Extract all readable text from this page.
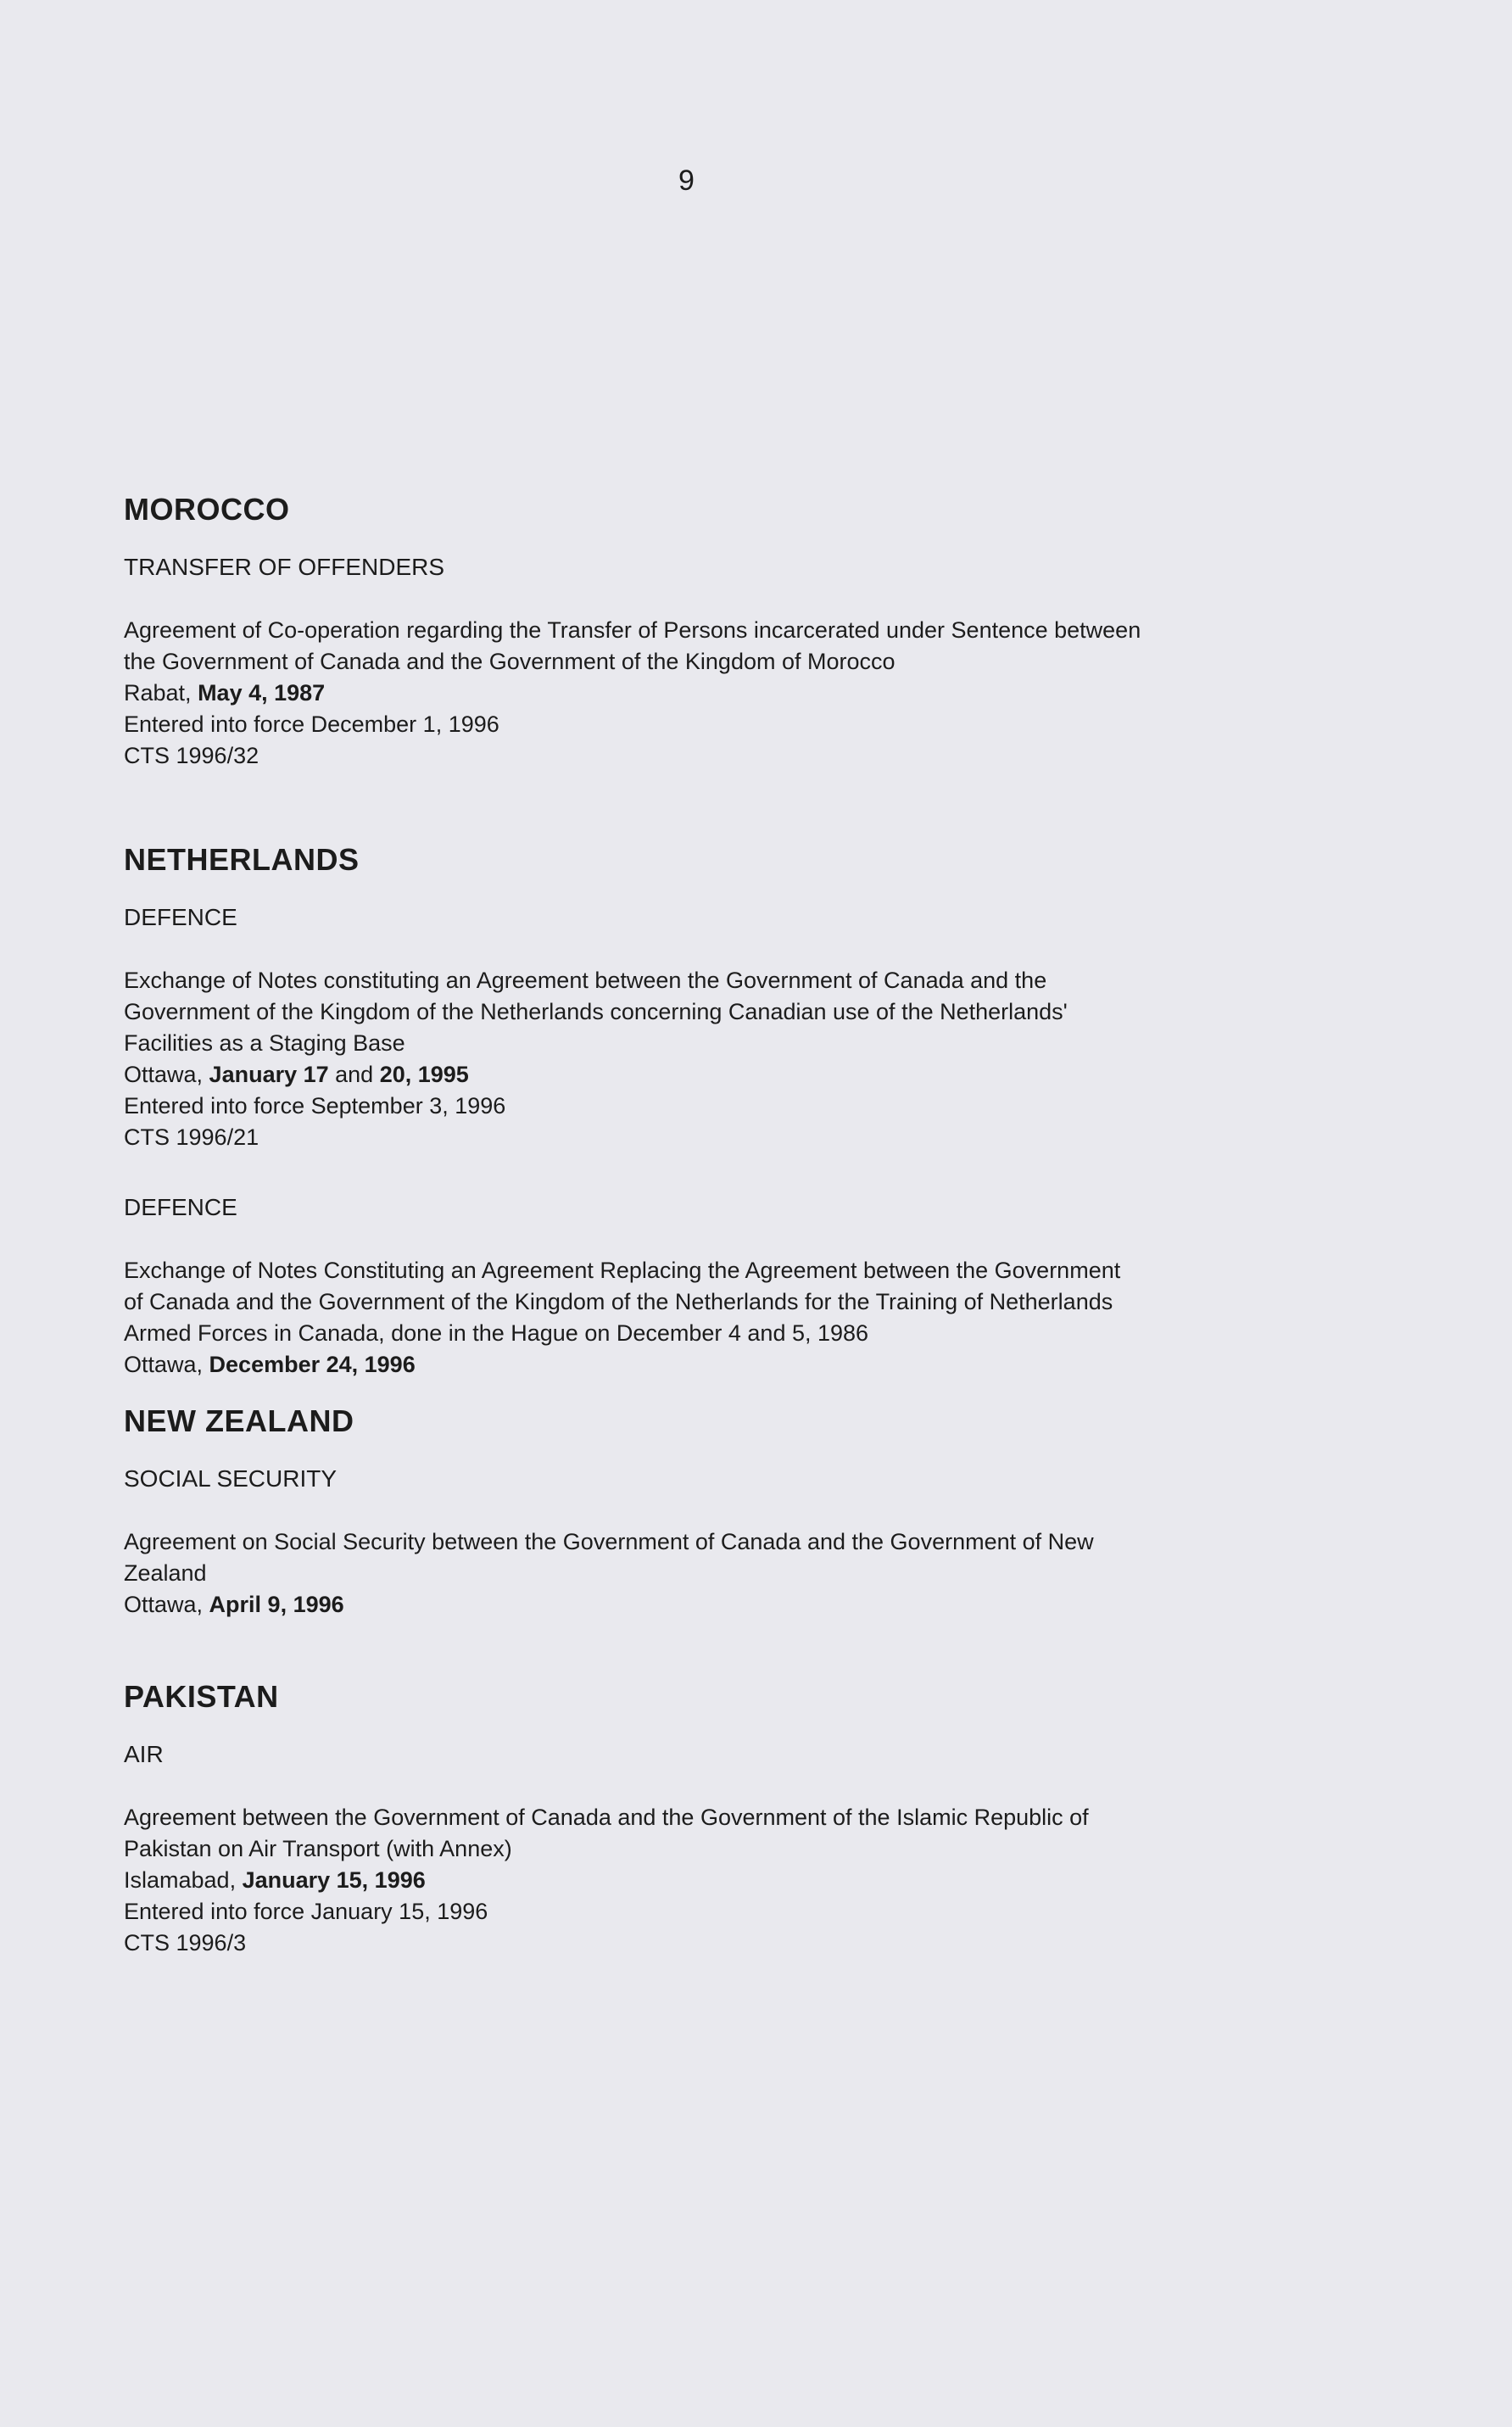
9
MOROCCO
TRANSFER OF OFFENDERS
Agreement of Co-operation regarding the Transfer of Persons incarcerated under Sentence between
the Government of Canada and the Government of the Kingdom of Morocco
Rabat, May 4, 1987
Entered into force December 1, 1996
CTS 1996/32
NETHERLANDS
DEFENCE
Exchange of Notes constituting an Agreement between the Government of Canada and the
Government of the Kingdom of the Netherlands concerning Canadian use of the Netherlands'
Facilities as a Staging Base
Ottawa, January 17 and 20, 1995
Entered into force September 3, 1996
CTS 1996/21
DEFENCE
Exchange of Notes Constituting an Agreement Replacing the Agreement between the Government
of Canada and the Government of the Kingdom of the Netherlands for the Training of Netherlands
Armed Forces in Canada, done in the Hague on December 4 and 5, 1986
Ottawa, December 24, 1996
NEW ZEALAND
SOCIAL SECURITY
Agreement on Social Security between the Government of Canada and the Government of New
Zealand
Ottawa, April 9, 1996
PAKISTAN
AIR
Agreement between the Government of Canada and the Government of the Islamic Republic of
Pakistan on Air Transport (with Annex)
Islamabad, January 15, 1996
Entered into force January 15, 1996
CTS 1996/3
